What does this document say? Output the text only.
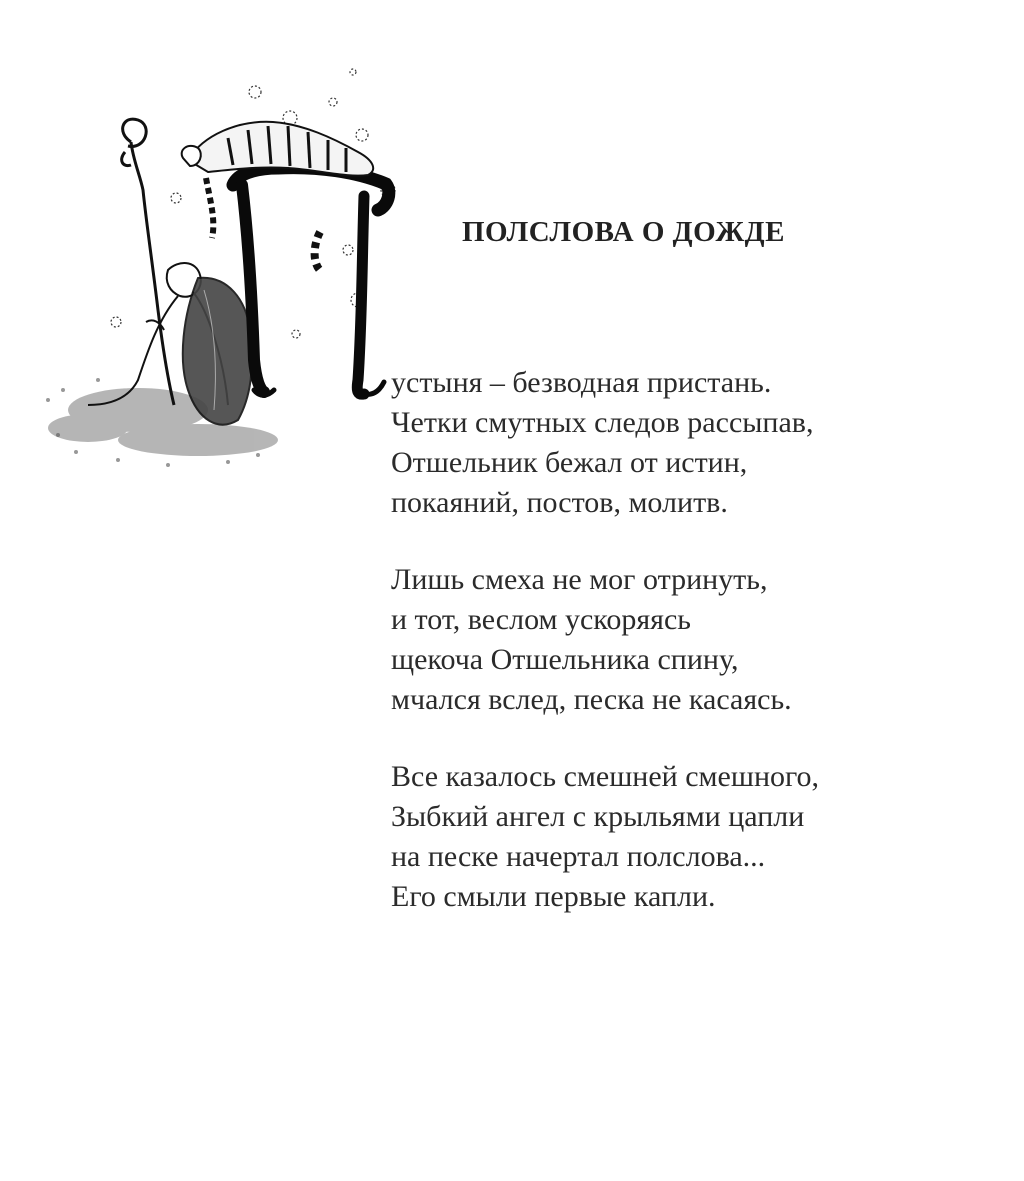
ПОЛСЛОВА О ДОЖДЕ
устыня – безводная пристань.
Четки смутных следов рассыпав,
Отшельник бежал от истин,
покаяний, постов, молитв.
Лишь смеха не мог отринуть,
и тот, веслом ускоряясь
щекоча Отшельника спину,
мчался вслед, песка не касаясь.
Все казалось смешней смешного,
Зыбкий ангел с крыльями цапли
на песке начертал полслова...
Его смыли первые капли.
